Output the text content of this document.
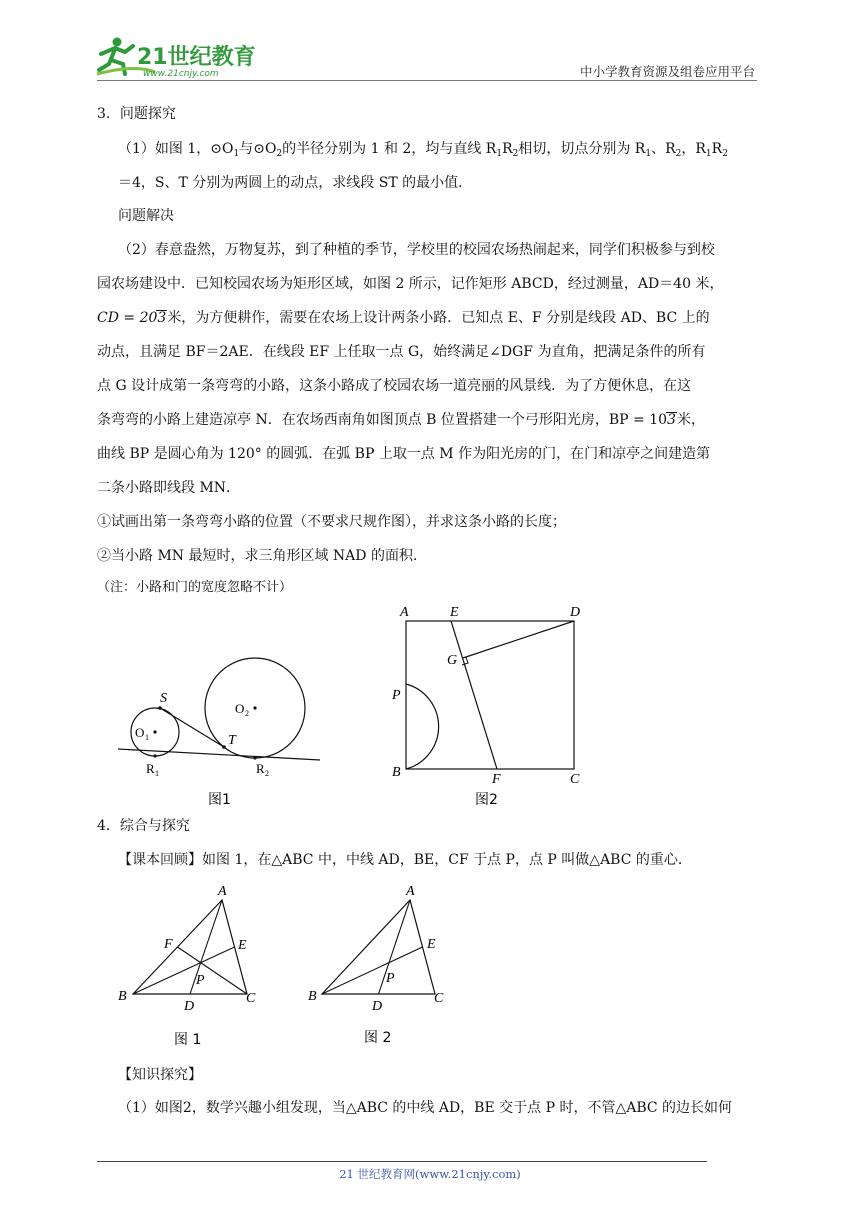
21世纪教育
www.21cnjy.com	中小学教育资源及组卷应用平台
3．问题探究
（1）如图 1，$⊙O_1$与$⊙O_2$的半径分别为 1 和 2，均与直线 $R_1R_2$相切，切点分别为 $R_1$、$R_2$，$R_1R_2$
＝4，S、T 分别为两圆上的动点，求线段 ST 的最小值．
问题解决
（2）春意盎然，万物复苏，到了种植的季节，学校里的校园农场热闹起来，同学们积极参与到校
园农场建设中．已知校园农场为矩形区域，如图 2 所示，记作矩形 ABCD，经过测量，AD＝40 米，
CD = 203米，为方便耕作，需要在农场上设计两条小路．已知点 E、F 分别是线段 AD、BC 上的
动点，且满足 BF＝2AE．在线段 EF 上任取一点 G，始终满足∠DGF 为直角，把满足条件的所有
点 G 设计成第一条弯弯的小路，这条小路成了校园农场一道亮丽的风景线．为了方便休息，在这
条弯弯的小路上建造凉亭 N．在农场西南角如图顶点 B 位置搭建一个弓形阳光房，BP = 103米，
曲线 BP 是圆心角为 120° 的圆弧．在弧 BP 上取一点 M 作为阳光房的门，在门和凉亭之间建造第
二条小路即线段 MN．
①试画出第一条弯弯小路的位置（不要求尺规作图），并求这条小路的长度；
②当小路 MN 最短时，求三角形区域 NAD 的面积．
（注：小路和门的宽度忽略不计）
S
T
O 1
O 2
R 1	R 2
图1
A	E	D
G
P
B	F	C
图2
4．综合与探究
【课本回顾】如图 1，在△ABC 中，中线 AD，BE，CF 于点 P，点 P 叫做△ABC 的重心．
A
F	E
P
B
D
C
图 1
A
E
P
B
D
C
图 2
【知识探究】
（1）如图2，数学兴趣小组发现，当△ABC 的中线 AD，BE 交于点 P 时，不管△ABC 的边长如何
21 世纪教育网(www.21cnjy.com)
